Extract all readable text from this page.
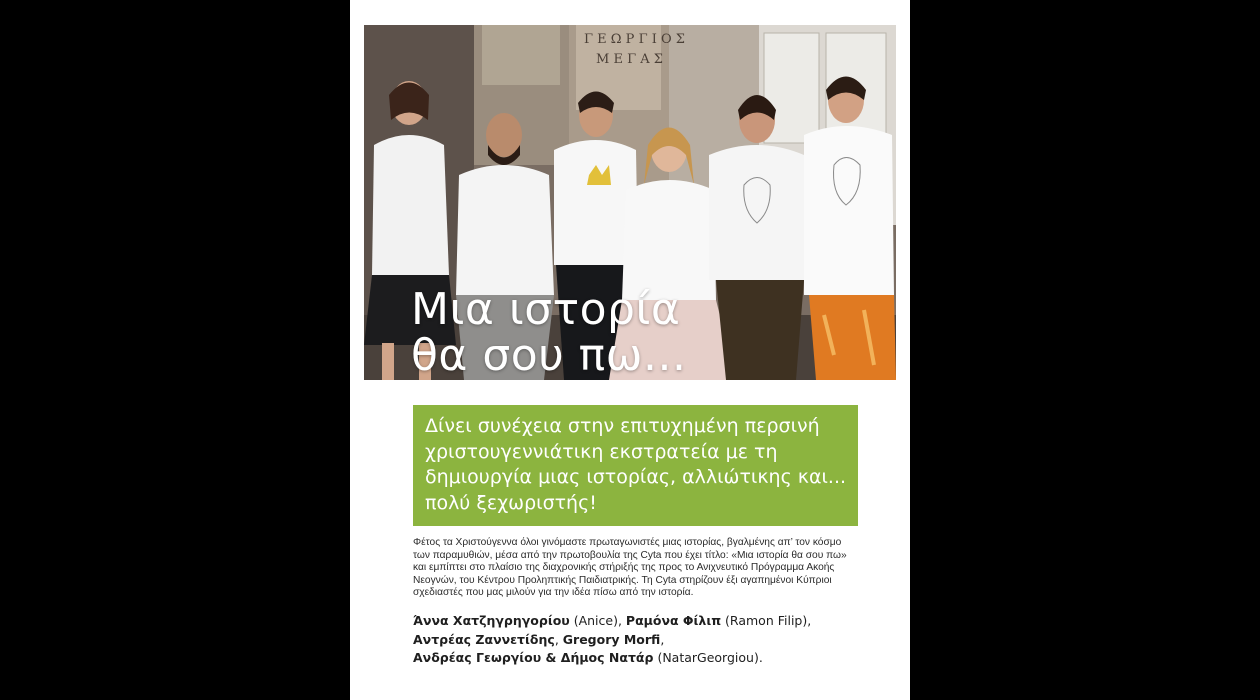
Γ Ε Ω Ρ Γ Ι Ο Σ
Μ Ε Γ Α Σ
Μια ιστορία
θα σου πω...
Δίνει συνέχεια στην επιτυχημένη περσινή χριστουγεννιάτικη εκστρατεία με τη δημιουργία μιας ιστορίας, αλλιώτικης και... πολύ ξεχωριστής!
Φέτος τα Χριστούγεννα όλοι γινόμαστε πρωταγωνιστές μιας ιστορίας, βγαλμένης απ’ τον κόσμο των παραμυθιών, μέσα από την πρωτοβουλία της Cyta που έχει τίτλο: «Μια ιστορία θα σου πω» και εμπίπτει στο πλαίσιο της διαχρονικής στήριξής της προς το Ανιχνευτικό Πρόγραμμα Ακοής Νεογνών, του Κέντρου Προληπτικής Παιδιατρικής. Τη Cyta στηρίζουν έξι αγαπημένοι Κύπριοι σχεδιαστές που μας μιλούν για την ιδέα πίσω από την ιστορία.
Άννα Χατζηγρηγορίου (Anice), Ραμόνα Φίλιπ (Ramon Filip),
Αντρέας Ζαννετίδης, Gregory Morfi,
Ανδρέας Γεωργίου & Δήμος Νατάρ (NatarGeorgiou).
